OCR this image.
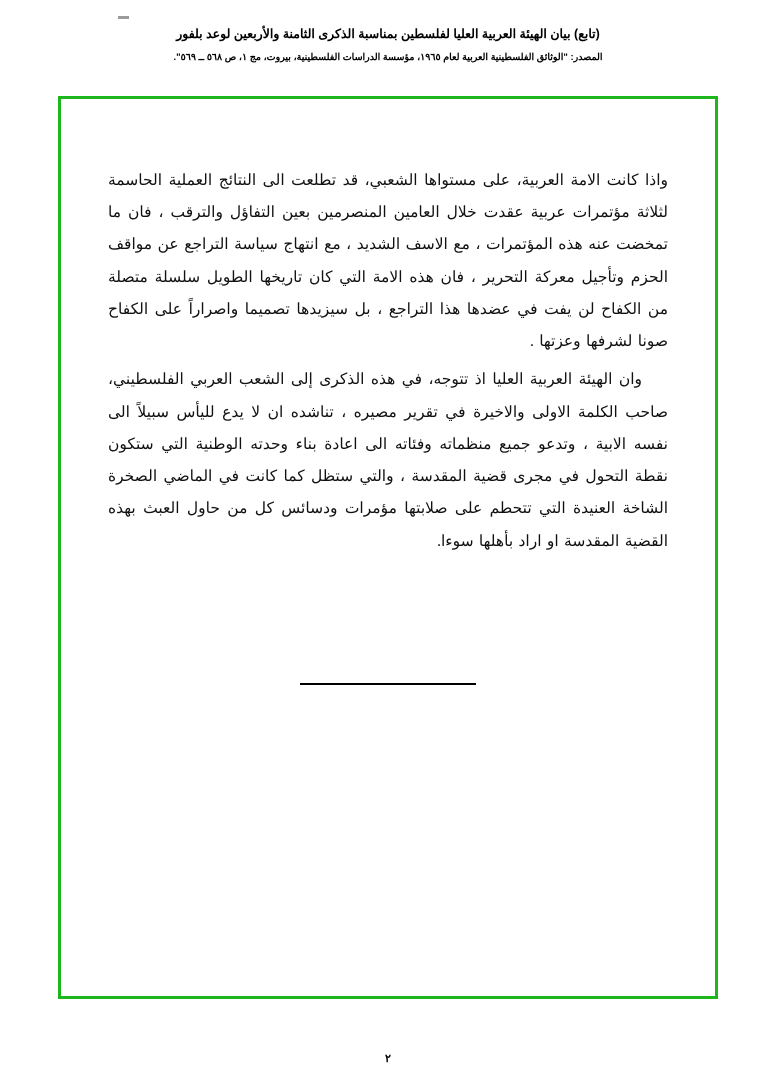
(تابع) بيان الهيئة العربية العليا لفلسطين بمناسبة الذكرى الثامنة والأربعين لوعد بلفور
المصدر: "الوثائق الفلسطينية العربية لعام ١٩٦٥، مؤسسة الدراسات الفلسطينية، بيروت، مج ١، ص ٥٦٨ ــ ٥٦٩".

واذا كانت الامة العربية، على مستواها الشعبي، قد تطلعت الى النتائج العملية الحاسمة لثلاثة مؤتمرات عربية عقدت خلال العامين المنصرمين بعين التفاؤل والترقب ، فان ما تمخضت عنه هذه المؤتمرات ، مع الاسف الشديد ، مع انتهاج سياسة التراجع عن مواقف الحزم وتأجيل معركة التحرير ، فان هذه الامة التي كان تاريخها الطويل سلسلة متصلة من الكفاح لن يفت في عضدها هذا التراجع ، بل سيزيدها تصميما واصراراً على الكفاح صونا لشرفها وعزتها .

وان الهيئة العربية العليا اذ تتوجه، في هذه الذكرى إلى الشعب العربي الفلسطيني، صاحب الكلمة الاولى والاخيرة في تقرير مصيره ، تناشده ان لا يدع لليأس سبيلاً الى نفسه الابية ، وتدعو جميع منظماته وفئاته الى اعادة بناء وحدته الوطنية التي ستكون نقطة التحول في مجرى قضية المقدسة ، والتي ستظل كما كانت في الماضي الصخرة الشاخة العنيدة التي تتحطم على صلابتها مؤمرات ودسائس كل من حاول العبث بهذه القضية المقدسة او اراد بأهلها سوءا.

٢
